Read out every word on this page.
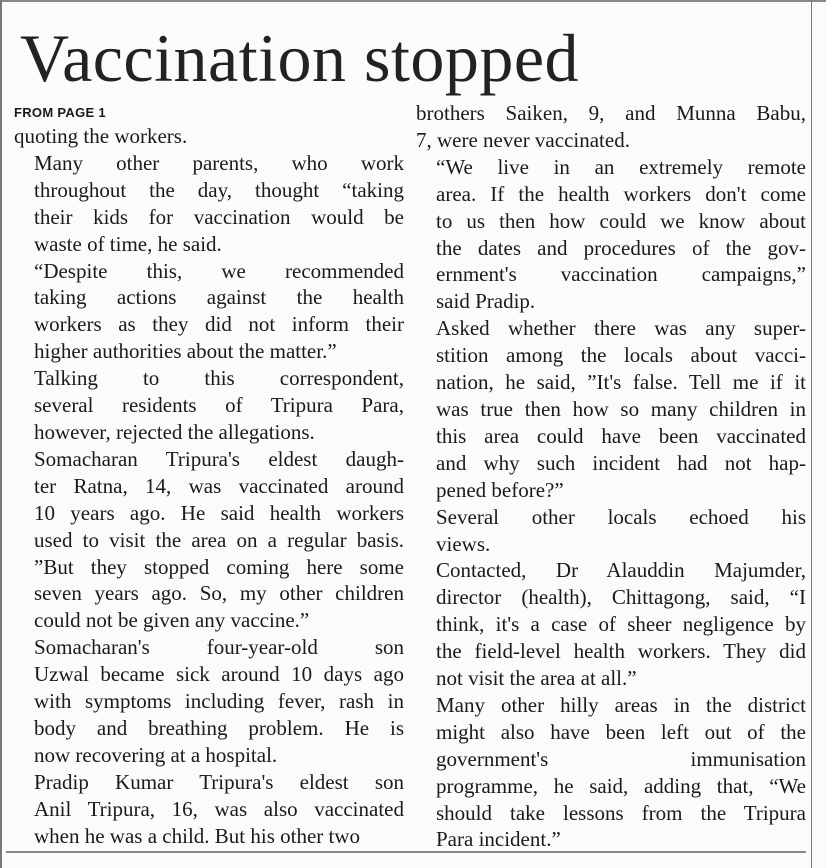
Vaccination stopped
FROM PAGE 1
quoting the workers.
Many other parents, who work
throughout the day, thought “taking
their kids for vaccination would be
waste of time, he said.
“Despite this, we recommended
taking actions against the health
workers as they did not inform their
higher authorities about the matter.”
Talking to this correspondent,
several residents of Tripura Para,
however, rejected the allegations.
Somacharan Tripura's eldest daugh-
ter Ratna, 14, was vaccinated around
10 years ago. He said health workers
used to visit the area on a regular basis.
”But they stopped coming here some
seven years ago. So, my other children
could not be given any vaccine.”
Somacharan's four-year-old son
Uzwal became sick around 10 days ago
with symptoms including fever, rash in
body and breathing problem. He is
now recovering at a hospital.
Pradip Kumar Tripura's eldest son
Anil Tripura, 16, was also vaccinated
when he was a child. But his other two
brothers Saiken, 9, and Munna Babu,
7, were never vaccinated.
“We live in an extremely remote
area. If the health workers don't come
to us then how could we know about
the dates and procedures of the gov-
ernment's vaccination campaigns,”
said Pradip.
Asked whether there was any super-
stition among the locals about vacci-
nation, he said, ”It's false. Tell me if it
was true then how so many children in
this area could have been vaccinated
and why such incident had not hap-
pened before?”
Several other locals echoed his
views.
Contacted, Dr Alauddin Majumder,
director (health), Chittagong, said, “I
think, it's a case of sheer negligence by
the field-level health workers. They did
not visit the area at all.”
Many other hilly areas in the district
might also have been left out of the
government's immunisation
programme, he said, adding that, “We
should take lessons from the Tripura
Para incident.”
